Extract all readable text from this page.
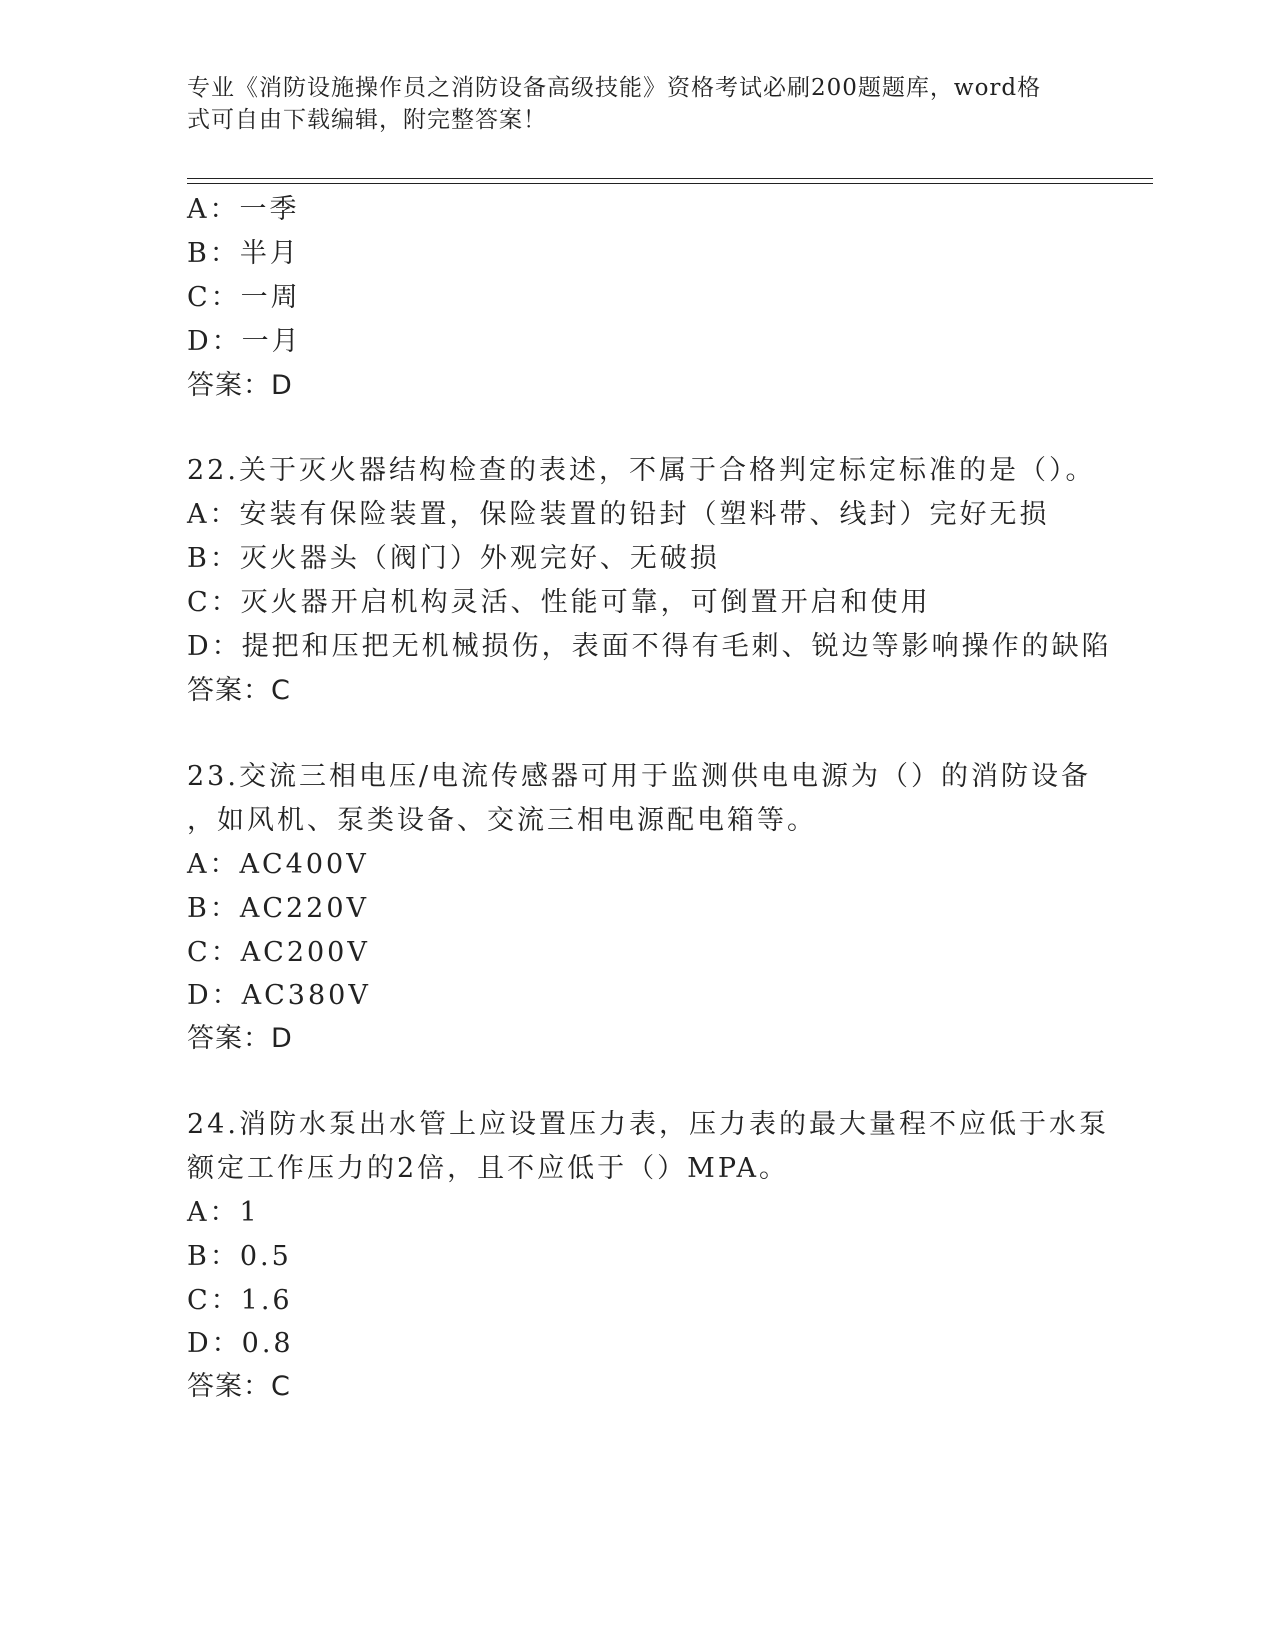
专业《消防设施操作员之消防设备高级技能》资格考试必刷200题题库，word格
式可自由下载编辑，附完整答案！
A：一季
B：半月
C：一周
D：一月
答案：D
22.关于灭火器结构检查的表述，不属于合格判定标定标准的是（）。
A：安装有保险装置，保险装置的铅封（塑料带、线封）完好无损
B：灭火器头（阀门）外观完好、无破损
C：灭火器开启机构灵活、性能可靠，可倒置开启和使用
D：提把和压把无机械损伤，表面不得有毛刺、锐边等影响操作的缺陷
答案：C
23.交流三相电压/电流传感器可用于监测供电电源为（）的消防设备
，如风机、泵类设备、交流三相电源配电箱等。
A：AC400V
B：AC220V
C：AC200V
D：AC380V
答案：D
24.消防水泵出水管上应设置压力表，压力表的最大量程不应低于水泵
额定工作压力的2倍，且不应低于（）MPA。
A：1
B：0.5
C：1.6
D：0.8
答案：C
